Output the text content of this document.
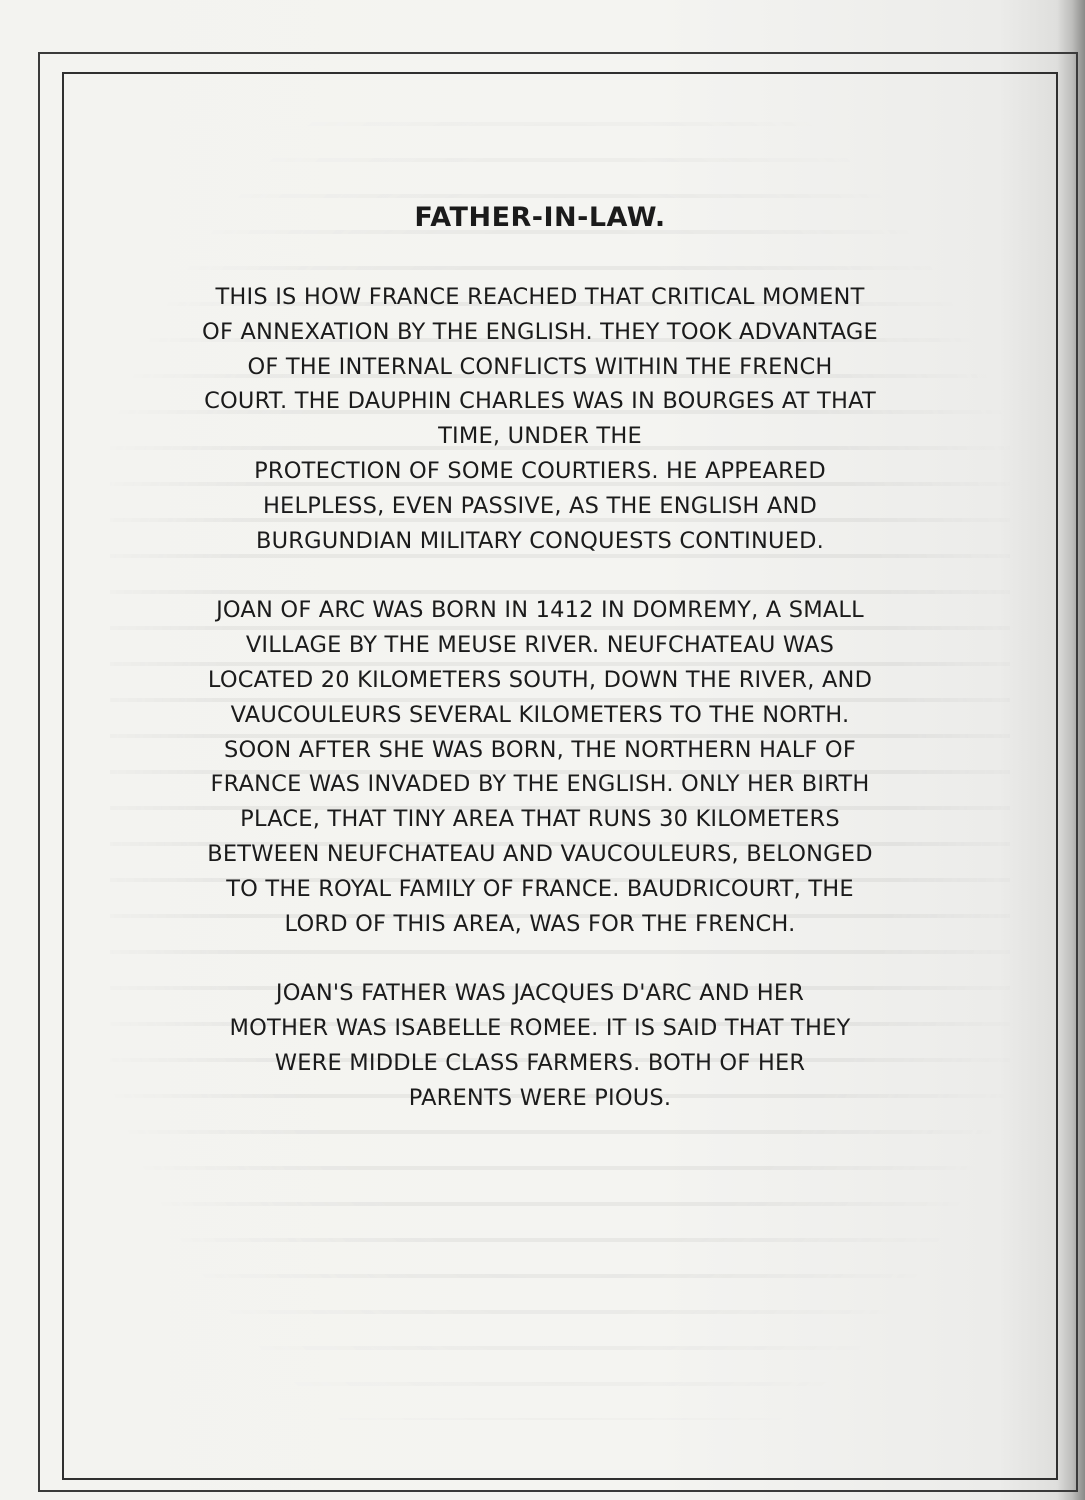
FATHER-IN-LAW.
THIS IS HOW FRANCE REACHED THAT CRITICAL MOMENT
OF ANNEXATION BY THE ENGLISH. THEY TOOK ADVANTAGE
OF THE INTERNAL CONFLICTS WITHIN THE FRENCH
COURT. THE DAUPHIN CHARLES WAS IN BOURGES AT THAT
TIME, UNDER THE
PROTECTION OF SOME COURTIERS. HE APPEARED
HELPLESS, EVEN PASSIVE, AS THE ENGLISH AND
BURGUNDIAN MILITARY CONQUESTS CONTINUED.
JOAN OF ARC WAS BORN IN 1412 IN DOMREMY, A SMALL
VILLAGE BY THE MEUSE RIVER. NEUFCHATEAU WAS
LOCATED 20 KILOMETERS SOUTH, DOWN THE RIVER, AND
VAUCOULEURS SEVERAL KILOMETERS TO THE NORTH.
SOON AFTER SHE WAS BORN, THE NORTHERN HALF OF
FRANCE WAS INVADED BY THE ENGLISH. ONLY HER BIRTH
PLACE, THAT TINY AREA THAT RUNS 30 KILOMETERS
BETWEEN NEUFCHATEAU AND VAUCOULEURS, BELONGED
TO THE ROYAL FAMILY OF FRANCE. BAUDRICOURT, THE
LORD OF THIS AREA, WAS FOR THE FRENCH.
JOAN'S FATHER WAS JACQUES D'ARC AND HER
MOTHER WAS ISABELLE ROMEE. IT IS SAID THAT THEY
WERE MIDDLE CLASS FARMERS. BOTH OF HER
PARENTS WERE PIOUS.
